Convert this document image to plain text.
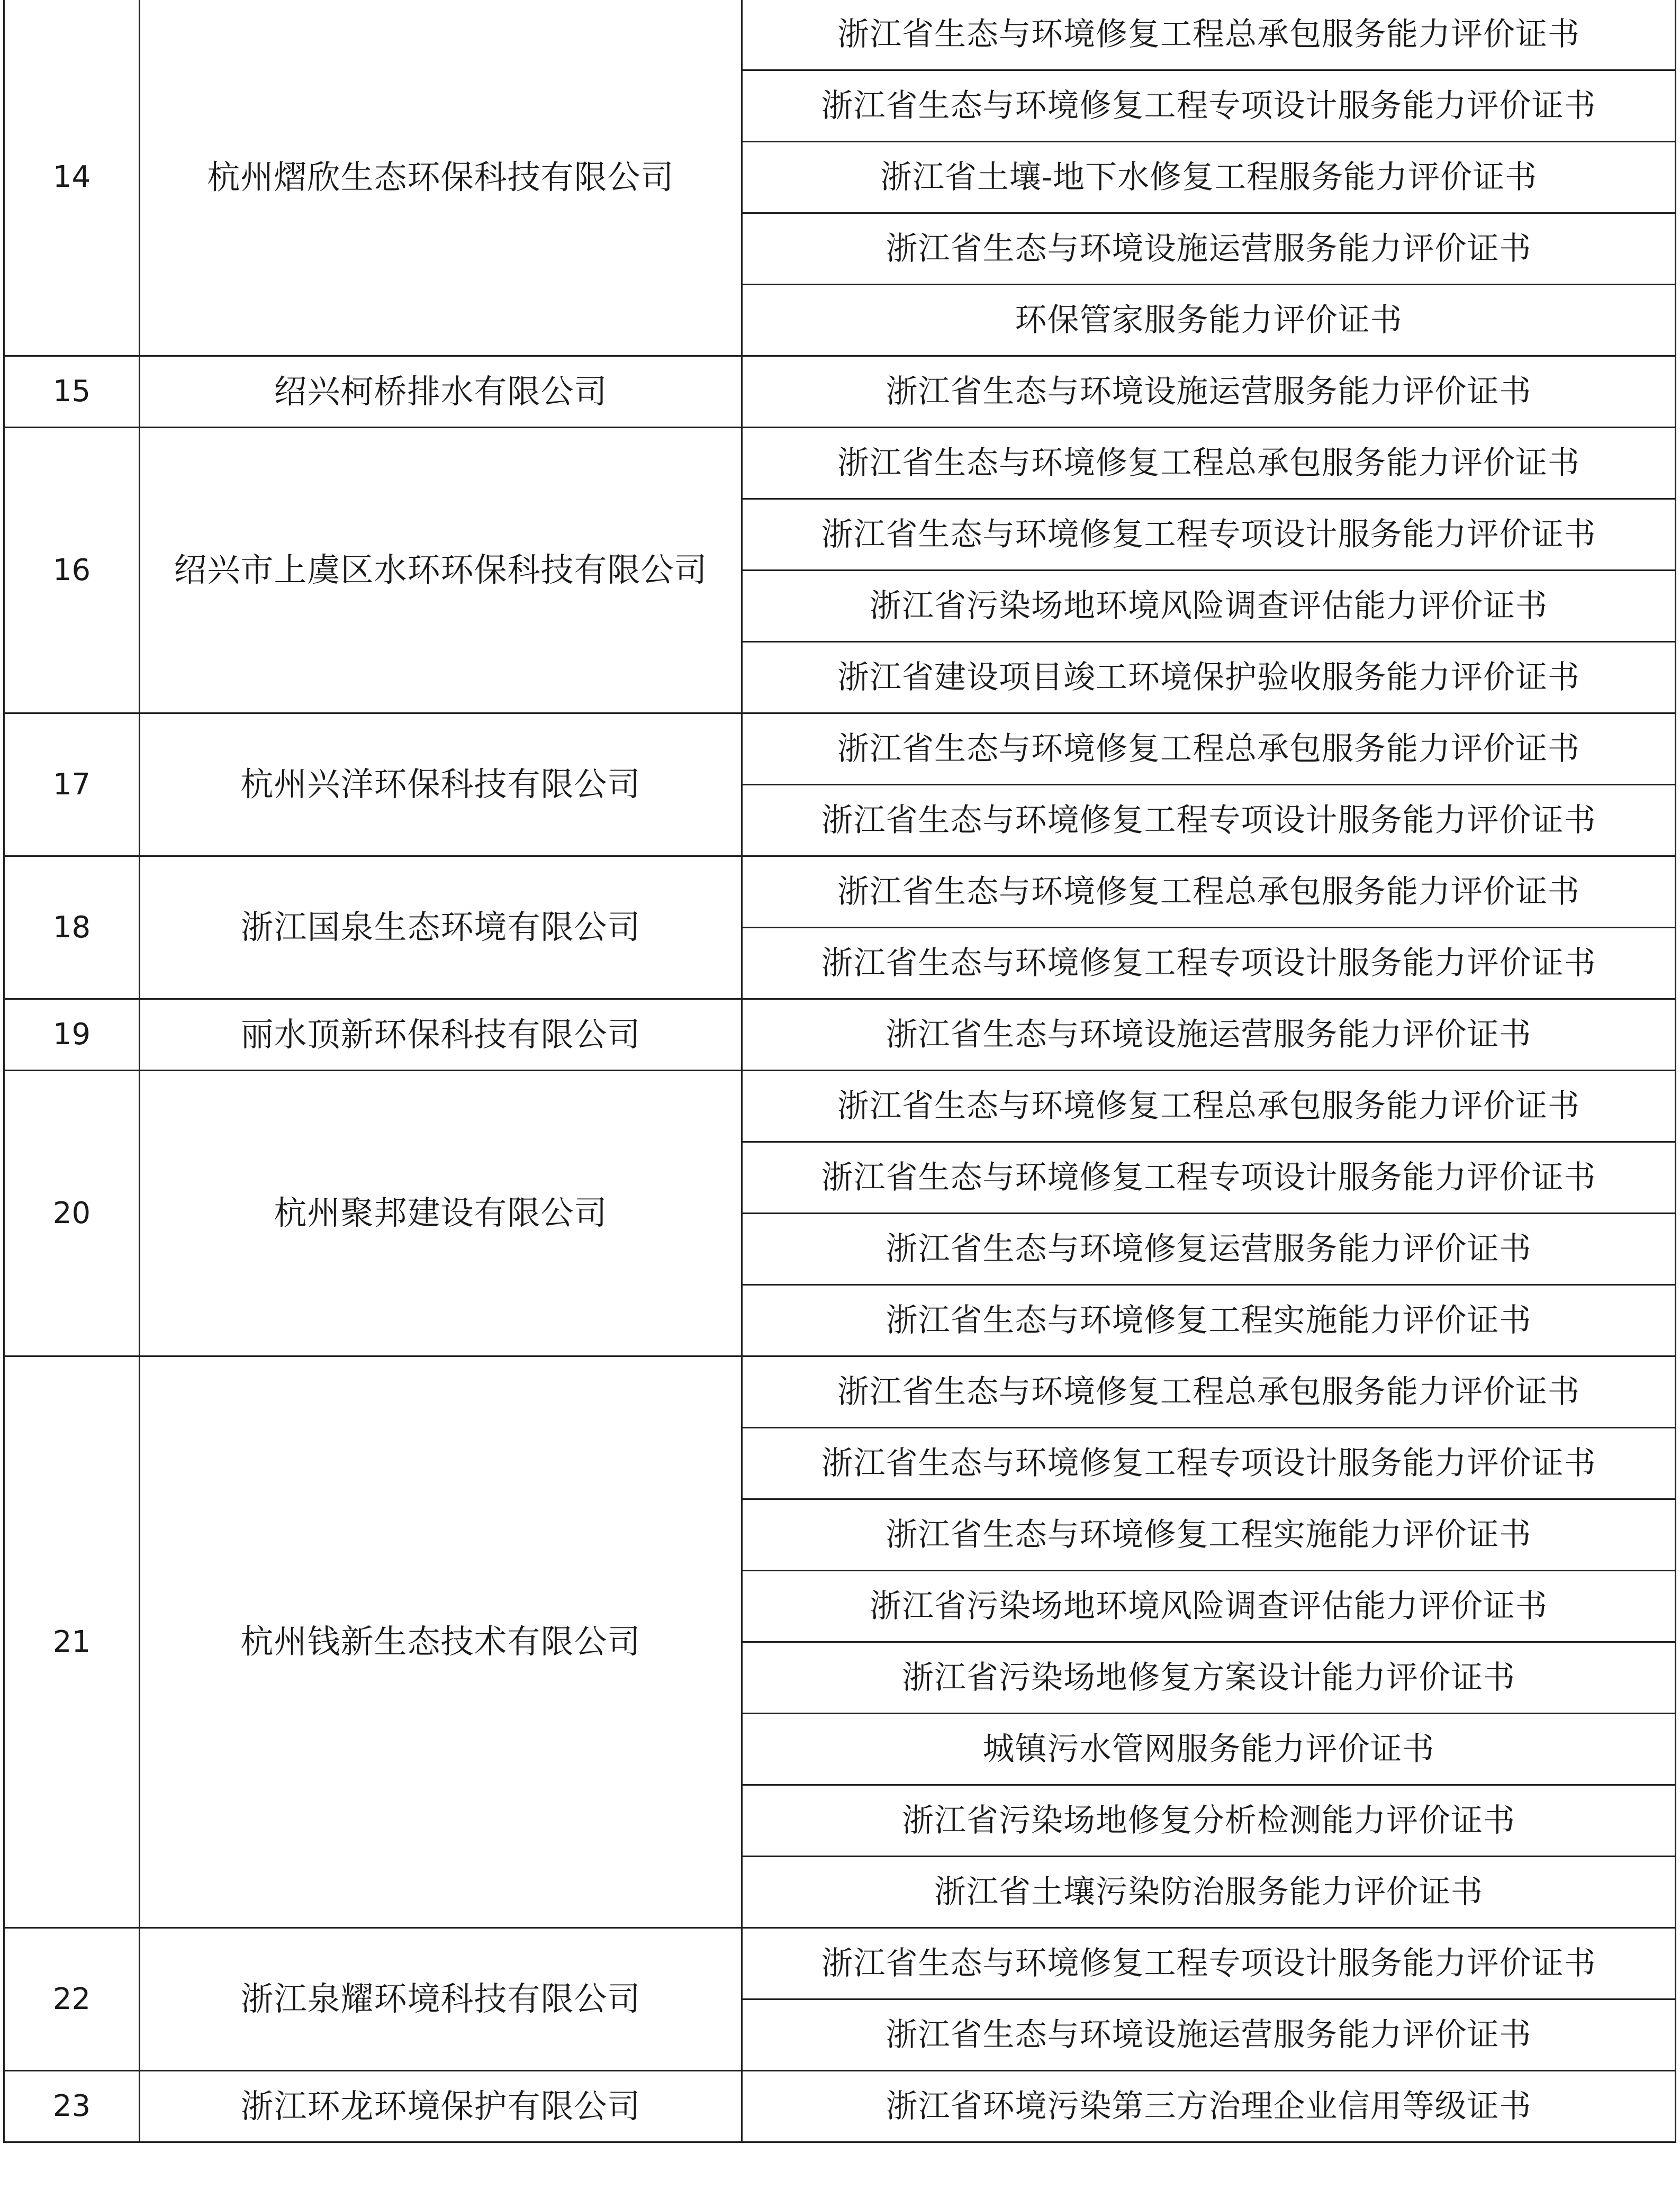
14	杭州熠欣生态环保科技有限公司	浙江省生态与环境修复工程总承包服务能力评价证书
		浙江省生态与环境修复工程专项设计服务能力评价证书
		浙江省土壤-地下水修复工程服务能力评价证书
		浙江省生态与环境设施运营服务能力评价证书
		环保管家服务能力评价证书
15	绍兴柯桥排水有限公司	浙江省生态与环境设施运营服务能力评价证书
16	绍兴市上虞区水环环保科技有限公司	浙江省生态与环境修复工程总承包服务能力评价证书
		浙江省生态与环境修复工程专项设计服务能力评价证书
		浙江省污染场地环境风险调查评估能力评价证书
		浙江省建设项目竣工环境保护验收服务能力评价证书
17	杭州兴洋环保科技有限公司	浙江省生态与环境修复工程总承包服务能力评价证书
		浙江省生态与环境修复工程专项设计服务能力评价证书
18	浙江国泉生态环境有限公司	浙江省生态与环境修复工程总承包服务能力评价证书
		浙江省生态与环境修复工程专项设计服务能力评价证书
19	丽水顶新环保科技有限公司	浙江省生态与环境设施运营服务能力评价证书
20	杭州聚邦建设有限公司	浙江省生态与环境修复工程总承包服务能力评价证书
		浙江省生态与环境修复工程专项设计服务能力评价证书
		浙江省生态与环境修复运营服务能力评价证书
		浙江省生态与环境修复工程实施能力评价证书
21	杭州钱新生态技术有限公司	浙江省生态与环境修复工程总承包服务能力评价证书
		浙江省生态与环境修复工程专项设计服务能力评价证书
		浙江省生态与环境修复工程实施能力评价证书
		浙江省污染场地环境风险调查评估能力评价证书
		浙江省污染场地修复方案设计能力评价证书
		城镇污水管网服务能力评价证书
		浙江省污染场地修复分析检测能力评价证书
		浙江省土壤污染防治服务能力评价证书
22	浙江泉耀环境科技有限公司	浙江省生态与环境修复工程专项设计服务能力评价证书
		浙江省生态与环境设施运营服务能力评价证书
23	浙江环龙环境保护有限公司	浙江省环境污染第三方治理企业信用等级证书
